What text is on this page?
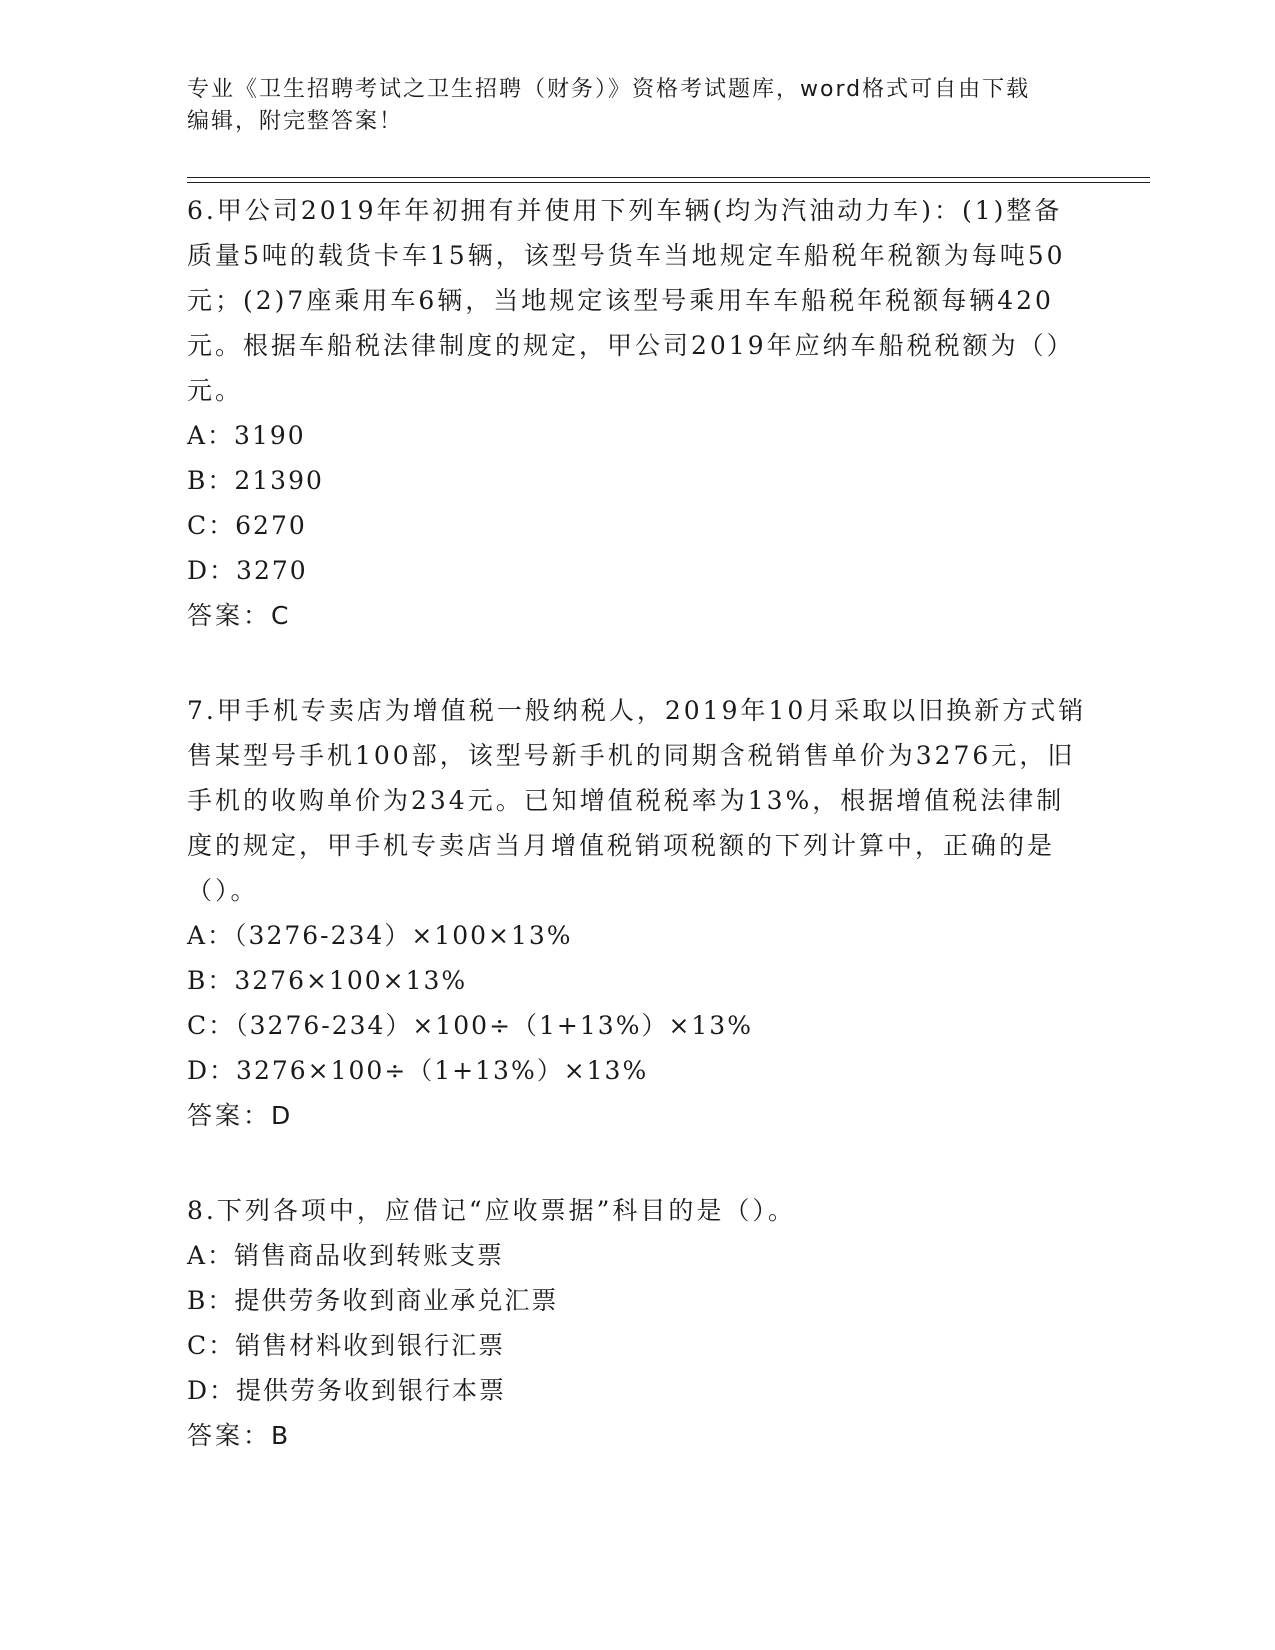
专业《卫生招聘考试之卫生招聘（财务）》资格考试题库，word格式可自由下载
编辑，附完整答案！

6.甲公司2019年年初拥有并使用下列车辆(均为汽油动力车)：(1)整备质量5吨的载货卡车15辆，该型号货车当地规定车船税年税额为每吨50元；(2)7座乘用车6辆，当地规定该型号乘用车车船税年税额每辆420元。根据车船税法律制度的规定，甲公司2019年应纳车船税税额为（）元。

A：3190

B：21390

C：6270

D：3270

答案：C

7.甲手机专卖店为增值税一般纳税人，2019年10月采取以旧换新方式销售某型号手机100部，该型号新手机的同期含税销售单价为3276元，旧手机的收购单价为234元。已知增值税税率为13%，根据增值税法律制度的规定，甲手机专卖店当月增值税销项税额的下列计算中，正确的是（）。

A：（3276-234）×100×13%

B：3276×100×13%

C：（3276-234）×100÷（1+13%）×13%

D：3276×100÷（1+13%）×13%

答案：D

8.下列各项中，应借记“应收票据”科目的是（）。

A：销售商品收到转账支票

B：提供劳务收到商业承兑汇票

C：销售材料收到银行汇票

D：提供劳务收到银行本票

答案：B
